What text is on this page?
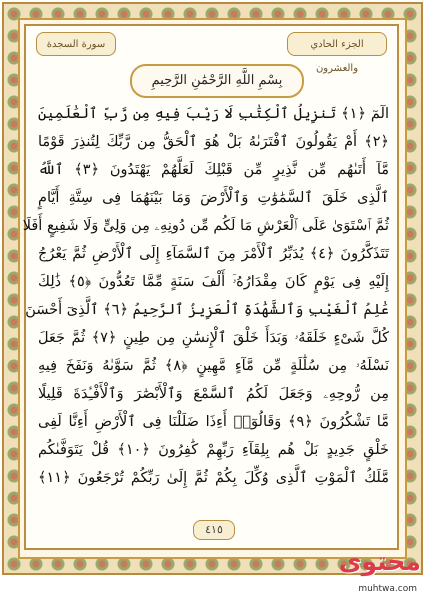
سورة السجدة	الجزء الحادي والعشرون
بِسْمِ اللَّهِ الرَّحْمَٰنِ الرَّحِيمِ
الٓمٓ ﴿١﴾ تَنزِيلُ ٱلْكِتَٰبِ لَا رَيْبَ فِيهِ مِن رَّبِّ ٱلْعَٰلَمِينَ
﴿٢﴾ أَمْ يَقُولُونَ ٱفْتَرَىٰهُ بَلْ هُوَ ٱلْحَقُّ مِن رَّبِّكَ لِتُنذِرَ قَوْمًا
مَّآ أَتَىٰهُم مِّن نَّذِيرٍ مِّن قَبْلِكَ لَعَلَّهُمْ يَهْتَدُونَ ﴿٣﴾ ٱللَّهُ
ٱلَّذِى خَلَقَ ٱلسَّمَٰوَٰتِ وَٱلْأَرْضَ وَمَا بَيْنَهُمَا فِى سِتَّةِ أَيَّامٍ
ثُمَّ ٱسْتَوَىٰ عَلَى ٱلْعَرْشِ مَا لَكُم مِّن دُونِهِۦ مِن وَلِىٍّ وَلَا شَفِيعٍ أَفَلَا
تَتَذَكَّرُونَ ﴿٤﴾ يُدَبِّرُ ٱلْأَمْرَ مِنَ ٱلسَّمَآءِ إِلَى ٱلْأَرْضِ ثُمَّ يَعْرُجُ
إِلَيْهِ فِى يَوْمٍ كَانَ مِقْدَارُهُۥٓ أَلْفَ سَنَةٍ مِّمَّا تَعُدُّونَ ﴿٥﴾ ذَٰلِكَ
عَٰلِمُ ٱلْغَيْبِ وَٱلشَّهَٰدَةِ ٱلْعَزِيزُ ٱلرَّحِيمُ ﴿٦﴾ ٱلَّذِىٓ أَحْسَنَ
كُلَّ شَىْءٍ خَلَقَهُۥ وَبَدَأَ خَلْقَ ٱلْإِنسَٰنِ مِن طِينٍ ﴿٧﴾ ثُمَّ جَعَلَ
نَسْلَهُۥ مِن سُلَٰلَةٍ مِّن مَّآءٍ مَّهِينٍ ﴿٨﴾ ثُمَّ سَوَّىٰهُ وَنَفَخَ فِيهِ
مِن رُّوحِهِۦ وَجَعَلَ لَكُمُ ٱلسَّمْعَ وَٱلْأَبْصَٰرَ وَٱلْأَفْـِٔدَةَ قَلِيلًا
مَّا تَشْكُرُونَ ﴿٩﴾ وَقَالُوٓا۟ أَءِذَا ضَلَلْنَا فِى ٱلْأَرْضِ أَءِنَّا لَفِى
خَلْقٍ جَدِيدٍ بَلْ هُم بِلِقَآءِ رَبِّهِمْ كَٰفِرُونَ ﴿١٠﴾ قُلْ يَتَوَفَّىٰكُم
مَّلَكُ ٱلْمَوْتِ ٱلَّذِى وُكِّلَ بِكُمْ ثُمَّ إِلَىٰ رَبِّكُمْ تُرْجَعُونَ ﴿١١﴾
٤١٥
محتوى
muhtwa.com
